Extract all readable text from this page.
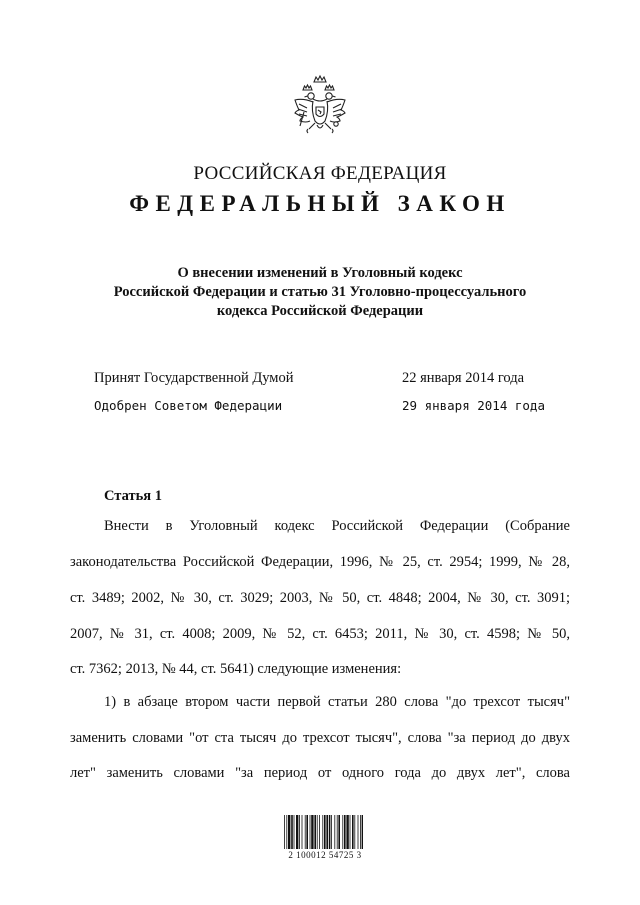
РОССИЙСКАЯ ФЕДЕРАЦИЯ
ФЕДЕРАЛЬНЫЙ ЗАКОН
О внесении изменений в Уголовный кодекс
Российской Федерации и статью 31 Уголовно-процессуального
кодекса Российской Федерации
Принят Государственной Думой	22 января 2014 года
Одобрен Советом Федерации	29 января 2014 года
Статья 1
Внести в Уголовный кодекс Российской Федерации (Собрание
законодательства Российской Федерации, 1996, № 25, ст. 2954; 1999, № 28,
ст. 3489; 2002, № 30, ст. 3029; 2003, № 50, ст. 4848; 2004, № 30, ст. 3091;
2007, № 31, ст. 4008; 2009, № 52, ст. 6453; 2011, № 30, ст. 4598; № 50,
ст. 7362; 2013, № 44, ст. 5641) следующие изменения:
1) в абзаце втором части первой статьи 280 слова "до трехсот тысяч"
заменить словами "от ста тысяч до трехсот тысяч", слова "за период до двух
лет" заменить словами "за период от одного года до двух лет", слова
2 100012 54725 3
